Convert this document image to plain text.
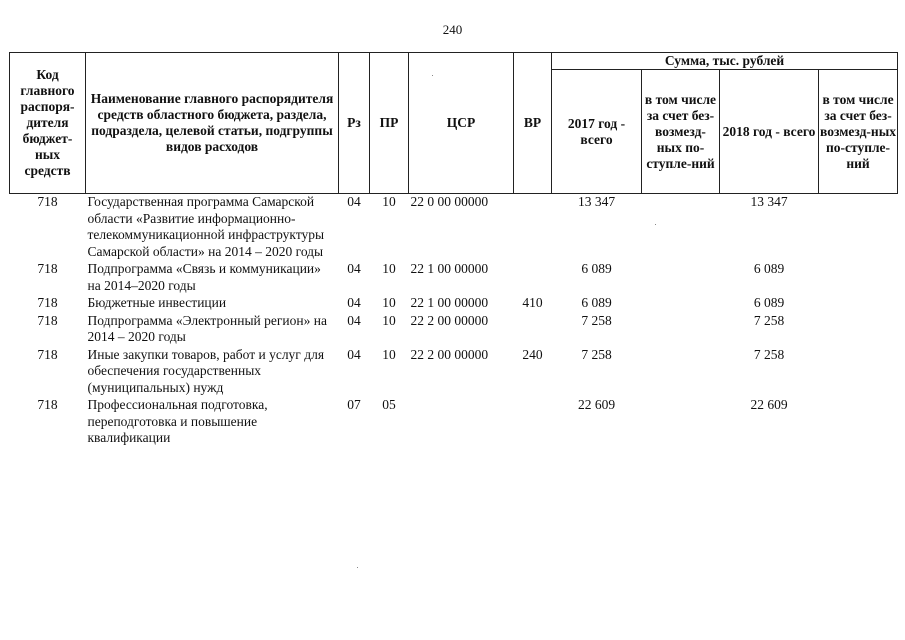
240
Код главного распоря-дителя бюджет-ных средств	Наименование главного распорядителя средств областного бюджета, раздела, подраздела, целевой статьи, подгруппы видов расходов	Рз	ПР	ЦСР	ВР	Сумма, тыс. рублей			
						2017 год - всего	в том числе за счет без-возмезд-ных по-ступле-ний	2018 год - всего	в том числе за счет без-возмезд-ных по-ступле-ний
718	Государственная программа Самарской области «Развитие информационно-телекоммуникационной инфраструктуры Самарской области» на 2014 – 2020 годы	04	10	22 0 00 00000		13 347		13 347	
718	Подпрограмма «Связь и коммуникации» на 2014–2020 годы	04	10	22 1 00 00000		6 089		6 089	
718	Бюджетные инвестиции	04	10	22 1 00 00000	410	6 089		6 089	
718	Подпрограмма «Электронный регион» на 2014 – 2020 годы	04	10	22 2 00 00000		7 258		7 258	
718	Иные закупки товаров, работ и услуг для обеспечения государственных (муниципальных) нужд	04	10	22 2 00 00000	240	7 258		7 258	
718	Профессиональная подготовка, переподготовка и повышение квалификации	07	05			22 609		22 609	
